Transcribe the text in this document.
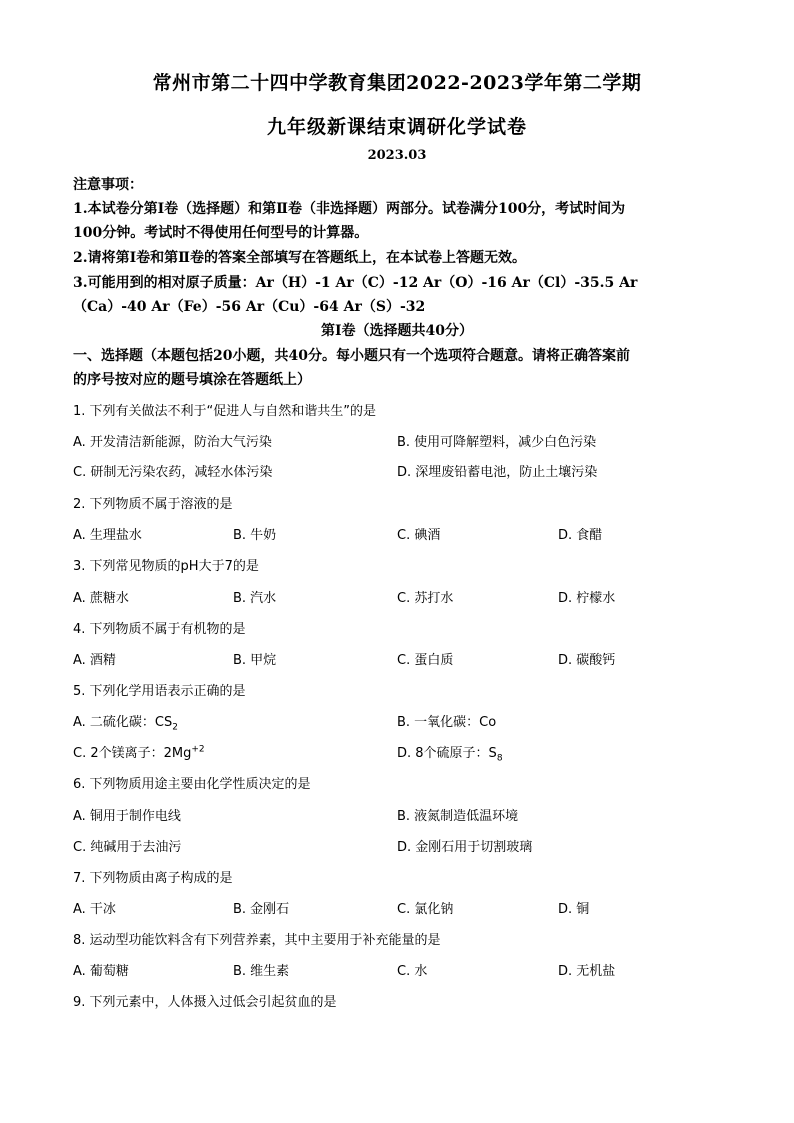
常州市第二十四中学教育集团2022-2023学年第二学期
九年级新课结束调研化学试卷
2023.03
注意事项：
1.本试卷分第Ⅰ卷（选择题）和第Ⅱ卷（非选择题）两部分。试卷满分100分，考试时间为
100分钟。考试时不得使用任何型号的计算器。
2.请将第Ⅰ卷和第Ⅱ卷的答案全部填写在答题纸上，在本试卷上答题无效。
3.可能用到的相对原子质量：Ar（H）-1 Ar（C）-12 Ar（O）-16 Ar（Cl）-35.5 Ar
（Ca）-40 Ar（Fe）-56 Ar（Cu）-64 Ar（S）-32
第Ⅰ卷（选择题共40分）
一、选择题（本题包括20小题，共40分。每小题只有一个选项符合题意。请将正确答案前
的序号按对应的题号填涂在答题纸上）
1. 下列有关做法不利于“促进人与自然和谐共生”的是
A. 开发清洁新能源，防治大气污染	B. 使用可降解塑料，减少白色污染
C. 研制无污染农药，减轻水体污染	D. 深埋废铅蓄电池，防止土壤污染
2. 下列物质不属于溶液的是
A. 生理盐水	B. 牛奶	C. 碘酒	D. 食醋
3. 下列常见物质的pH大于7的是
A. 蔗糖水	B. 汽水	C. 苏打水	D. 柠檬水
4. 下列物质不属于有机物的是
A. 酒精	B. 甲烷	C. 蛋白质	D. 碳酸钙
5. 下列化学用语表示正确的是
A. 二硫化碳：$CS_2$	B. 一氧化碳：Co
C. 2个镁离子：$2Mg^{+2}$	D. 8个硫原子：$S_8$
6. 下列物质用途主要由化学性质决定的是
A. 铜用于制作电线	B. 液氮制造低温环境
C. 纯碱用于去油污	D. 金刚石用于切割玻璃
7. 下列物质由离子构成的是
A. 干冰	B. 金刚石	C. 氯化钠	D. 铜
8. 运动型功能饮料含有下列营养素，其中主要用于补充能量的是
A. 葡萄糖	B. 维生素	C. 水	D. 无机盐
9. 下列元素中，人体摄入过低会引起贫血的是
